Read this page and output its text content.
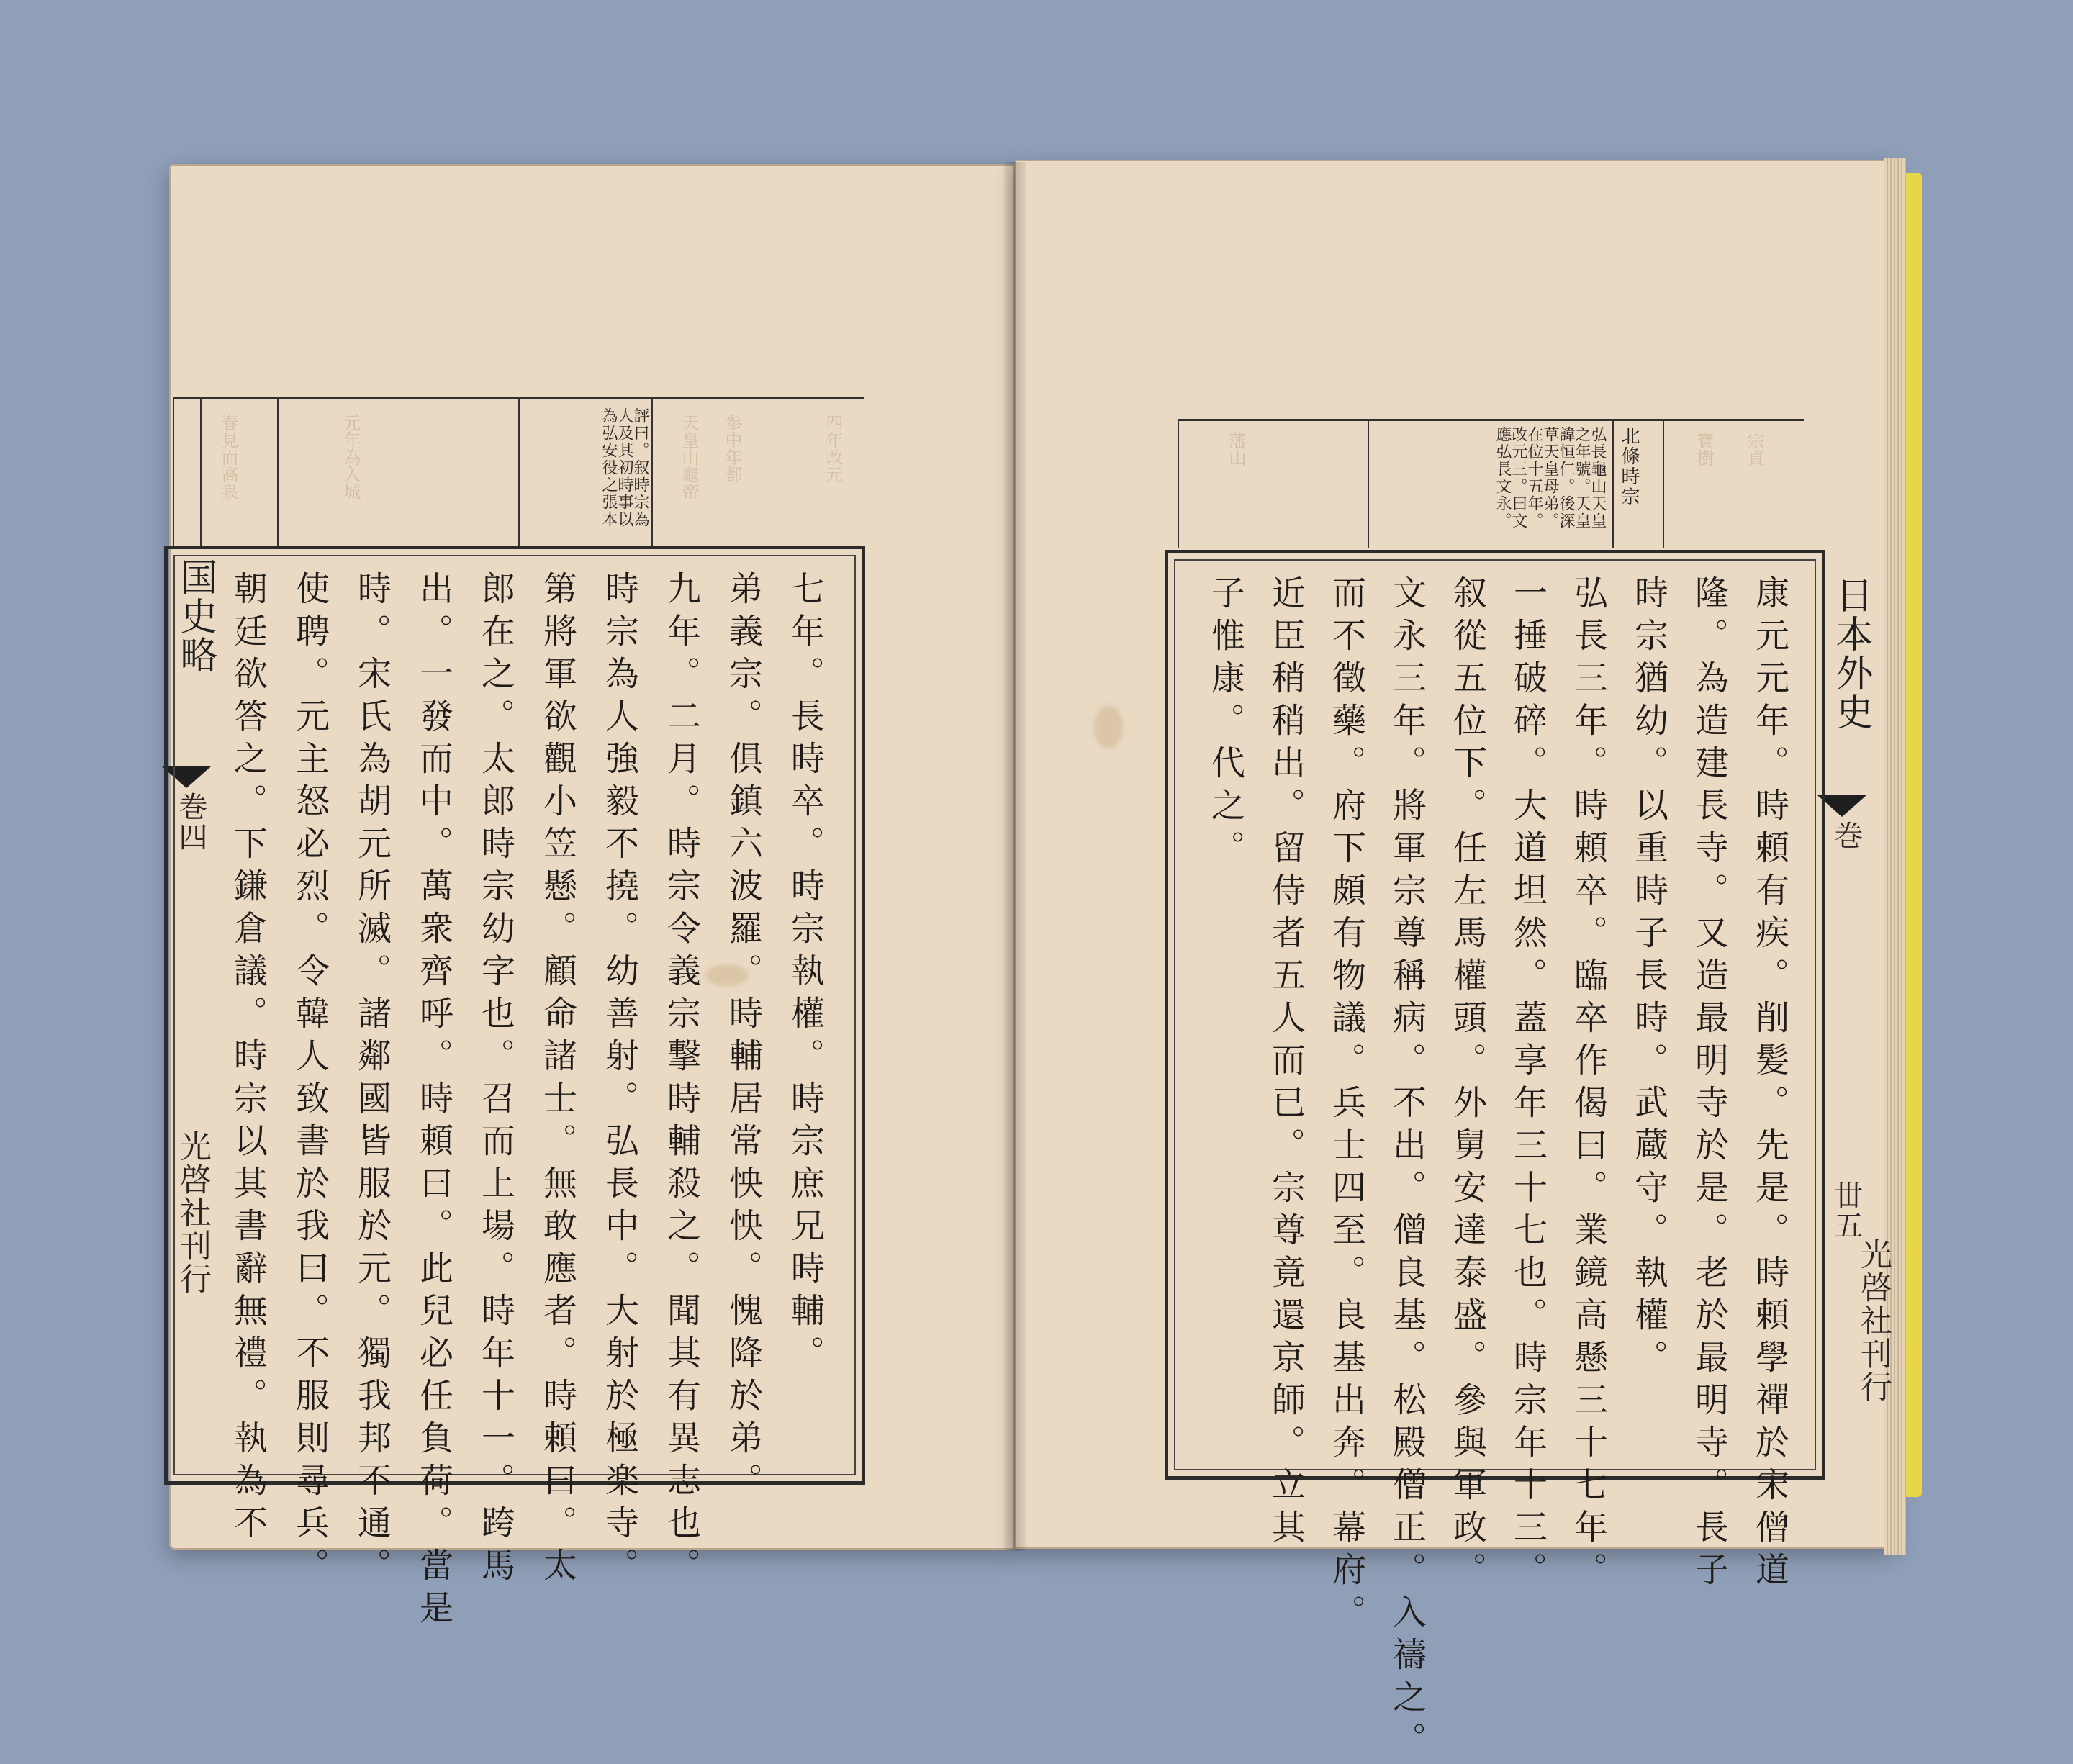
春見而高泉	元年為入城	天皇山龜帝 参中年都	四年改元
評曰。叙時宗為人及其初時事以為弘安役之張本
国史略
巻四
光啓社刊行	七年。長時卒。時宗執權。時宗庶兄時輔。
弟義宗。俱鎮六波羅。時輔居常怏怏。愧降於弟。
九年。二月。時宗令義宗撃時輔殺之。聞其有異志也。
時宗為人強毅不撓。幼善射。弘長中。大射於極楽寺。
第將軍欲觀小笠懸。顧命諸士。無敢應者。時頼曰。太
郎在之。太郎時宗幼字也。召而上場。時年十一。跨馬
出。一發而中。萬衆齊呼。時頼曰。此兒必任負荷。當是
時。宋氏為胡元所滅。諸鄰國皆服於元。獨我邦不通。
使聘。元主怒必烈。令韓人致書於我曰。不服則尋兵。
朝廷欲答之。下鎌倉議。時宗以其書辭無禮。執為不
藩山	寶樹 宗貞
北條時宗
弘長龜山天皇之年號。天皇諱恒仁。後深草天皇母弟。在位十五年。改元三。曰文應弘長文永。
日本外史
巻
丗五
光啓社刊行
康元元年。時頼有疾。削髪。先是。時頼學禪於宋僧道
隆。為造建長寺。又造最明寺於是。老於最明寺。長子
時宗猶幼。以重時子長時。武蔵守。執權。
弘長三年。時頼卒。臨卒作偈曰。業鏡高懸三十七年。
一捶破碎。大道坦然。蓋享年三十七也。時宗年十三。
叙從五位下。任左馬權頭。外舅安達泰盛。參與軍政。
文永三年。將軍宗尊稱病。不出。僧良基。松殿僧正。入禱之。
而不徵藥。府下頗有物議。兵士四至。良基出奔。幕府。
近臣稍稍出。留侍者五人而已。宗尊竟還京師。立其
子惟康。代之。
